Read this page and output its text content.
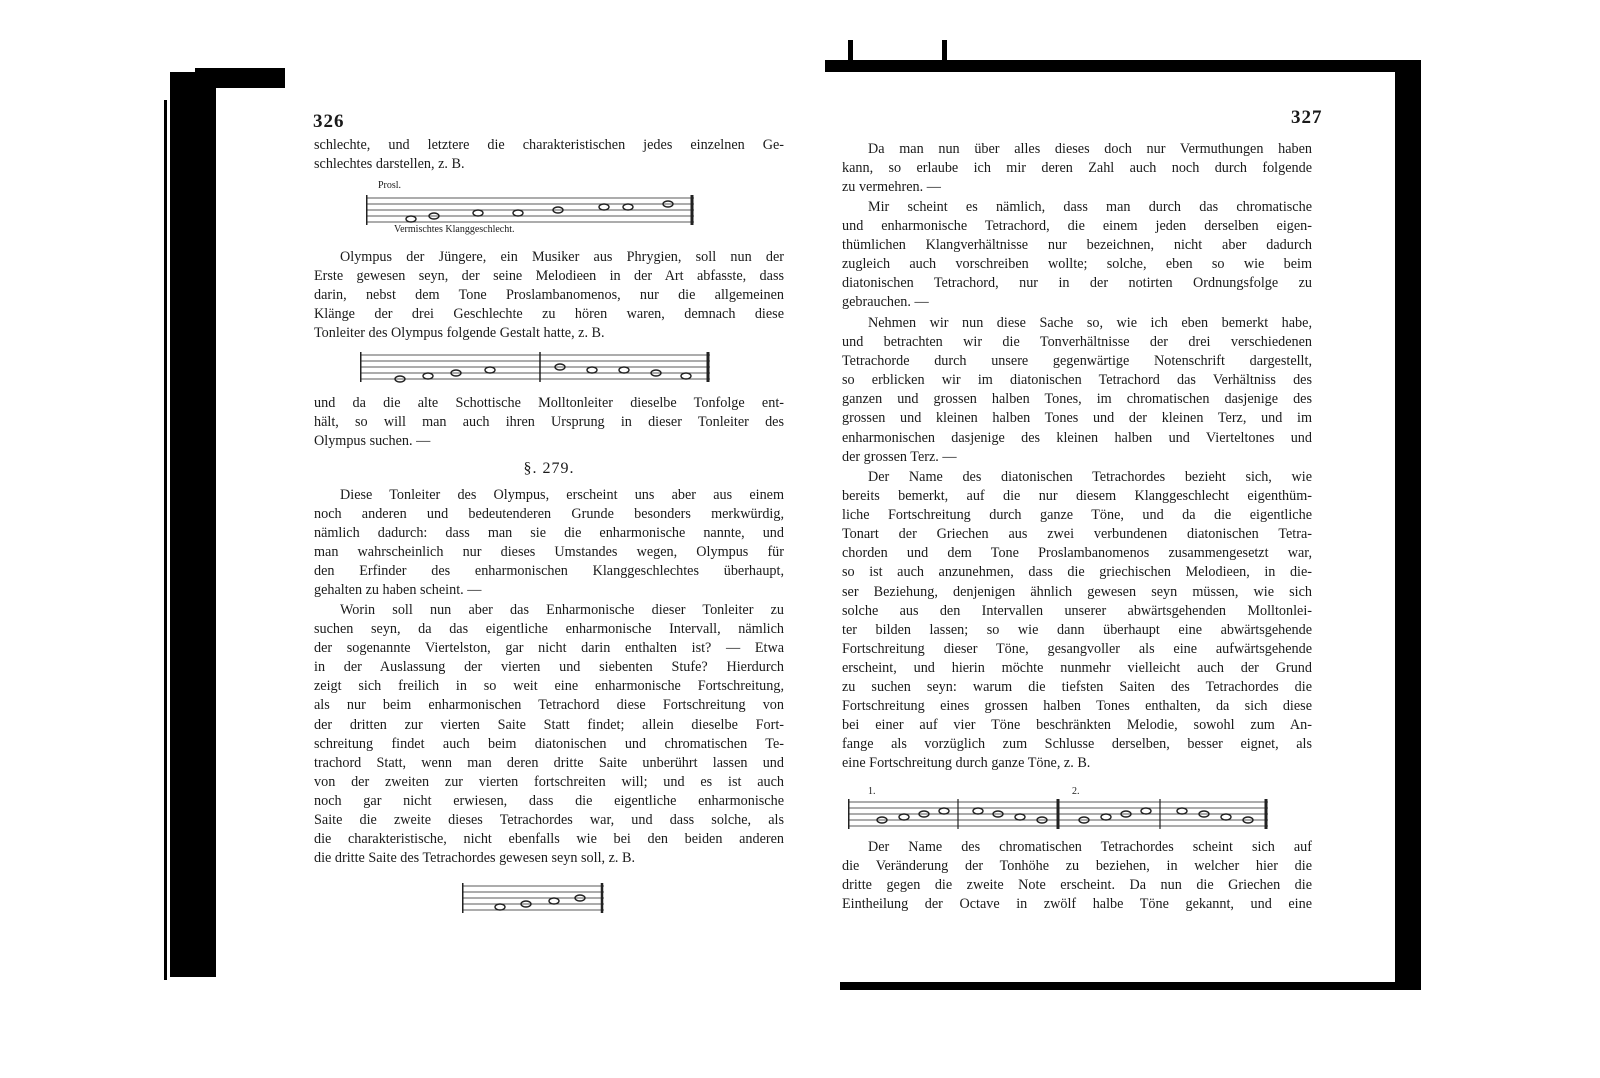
326

schlechte, und letztere die charakteristischen jedes einzelnen Ge-

schlechtes darstellen, z. B.

Prosl.
Vermischtes Klanggeschlecht.

Olympus der Jüngere, ein Musiker aus Phrygien, soll nun der

Erste gewesen seyn, der seine Melodieen in der Art abfasste, dass

darin, nebst dem Tone Proslambanomenos, nur die allgemeinen

Klänge der drei Geschlechte zu hören waren, demnach diese

Tonleiter des Olympus folgende Gestalt hatte, z. B.

und da die alte Schottische Molltonleiter dieselbe Tonfolge ent-

hält, so will man auch ihren Ursprung in dieser Tonleiter des

Olympus suchen. —

§. 279.

Diese Tonleiter des Olympus, erscheint uns aber aus einem

noch anderen und bedeutenderen Grunde besonders merkwürdig,

nämlich dadurch: dass man sie die enharmonische nannte, und

man wahrscheinlich nur dieses Umstandes wegen, Olympus für

den Erfinder des enharmonischen Klanggeschlechtes überhaupt,

gehalten zu haben scheint. —

Worin soll nun aber das Enharmonische dieser Tonleiter zu

suchen seyn, da das eigentliche enharmonische Intervall, nämlich

der sogenannte Viertelston, gar nicht darin enthalten ist? — Etwa

in der Auslassung der vierten und siebenten Stufe? Hierdurch

zeigt sich freilich in so weit eine enharmonische Fortschreitung,

als nur beim enharmonischen Tetrachord diese Fortschreitung von

der dritten zur vierten Saite Statt findet; allein dieselbe Fort-

schreitung findet auch beim diatonischen und chromatischen Te-

trachord Statt, wenn man deren dritte Saite unberührt lassen und

von der zweiten zur vierten fortschreiten will; und es ist auch

noch gar nicht erwiesen, dass die eigentliche enharmonische

Saite die zweite dieses Tetrachordes war, und dass solche, als

die charakteristische, nicht ebenfalls wie bei den beiden anderen

die dritte Saite des Tetrachordes gewesen seyn soll, z. B.

327

Da man nun über alles dieses doch nur Vermuthungen haben

kann, so erlaube ich mir deren Zahl auch noch durch folgende

zu vermehren. —

Mir scheint es nämlich, dass man durch das chromatische

und enharmonische Tetrachord, die einem jeden derselben eigen-

thümlichen Klangverhältnisse nur bezeichnen, nicht aber dadurch

zugleich auch vorschreiben wollte; solche, eben so wie beim

diatonischen Tetrachord, nur in der notirten Ordnungsfolge zu

gebrauchen. —

Nehmen wir nun diese Sache so, wie ich eben bemerkt habe,

und betrachten wir die Tonverhältnisse der drei verschiedenen

Tetrachorde durch unsere gegenwärtige Notenschrift dargestellt,

so erblicken wir im diatonischen Tetrachord das Verhältniss des

ganzen und grossen halben Tones, im chromatischen dasjenige des

grossen und kleinen halben Tones und der kleinen Terz, und im

enharmonischen dasjenige des kleinen halben und Vierteltones und

der grossen Terz. —

Der Name des diatonischen Tetrachordes bezieht sich, wie

bereits bemerkt, auf die nur diesem Klanggeschlecht eigenthüm-

liche Fortschreitung durch ganze Töne, und da die eigentliche

Tonart der Griechen aus zwei verbundenen diatonischen Tetra-

chorden und dem Tone Proslambanomenos zusammengesetzt war,

so ist auch anzunehmen, dass die griechischen Melodieen, in die-

ser Beziehung, denjenigen ähnlich gewesen seyn müssen, wie sich

solche aus den Intervallen unserer abwärtsgehenden Molltonlei-

ter bilden lassen; so wie dann überhaupt eine abwärtsgehende

Fortschreitung dieser Töne, gesangvoller als eine aufwärtsgehende

erscheint, und hierin möchte nunmehr vielleicht auch der Grund

zu suchen seyn: warum die tiefsten Saiten des Tetrachordes die

Fortschreitung eines grossen halben Tones enthalten, da sich diese

bei einer auf vier Töne beschränkten Melodie, sowohl zum An-

fange als vorzüglich zum Schlusse derselben, besser eignet, als

eine Fortschreitung durch ganze Töne, z. B.

1.	2.

Der Name des chromatischen Tetrachordes scheint sich auf

die Veränderung der Tonhöhe zu beziehen, in welcher hier die

dritte gegen die zweite Note erscheint. Da nun die Griechen die

Eintheilung der Octave in zwölf halbe Töne gekannt, und eine
